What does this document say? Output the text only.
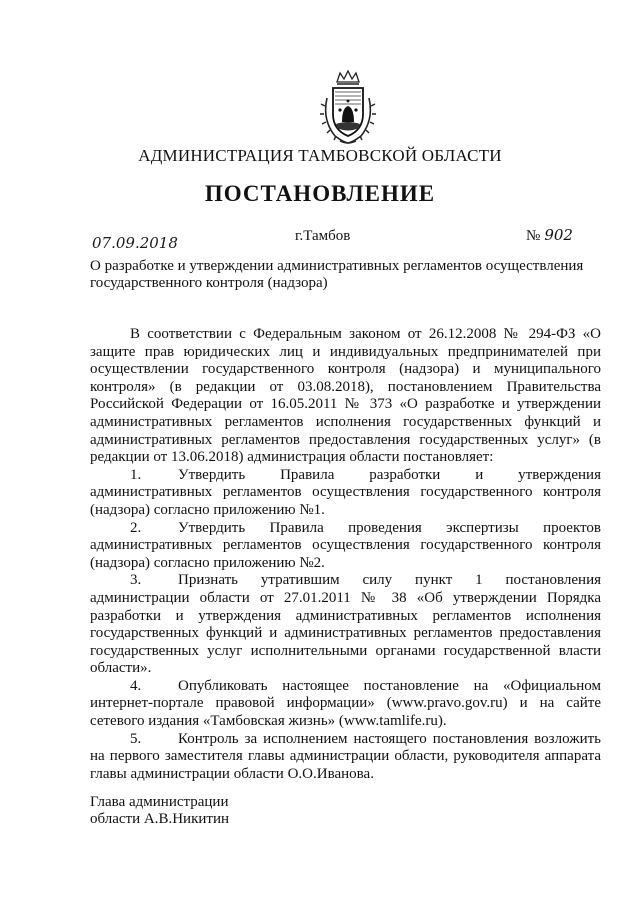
АДМИНИСТРАЦИЯ ТАМБОВСКОЙ ОБЛАСТИ
ПОСТАНОВЛЕНИЕ
07.09.2018	г.Тамбов	№ 902
О разработке и утверждении административных регламентов осуществления государственного контроля (надзора)

В соответствии с Федеральным законом от 26.12.2008 № 294-ФЗ «О защите прав юридических лиц и индивидуальных предпринимателей при осуществлении государственного контроля (надзора) и муниципального контроля» (в редакции от 03.08.2018), постановлением Правительства Российской Федерации от 16.05.2011 № 373 «О разработке и утверждении административных регламентов исполнения государственных функций и административных регламентов предоставления государственных услуг» (в редакции от 13.06.2018) администрация области постановляет:

1. Утвердить Правила разработки и утверждения административных регламентов осуществления государственного контроля (надзора) согласно приложению №1.

2. Утвердить Правила проведения экспертизы проектов административных регламентов осуществления государственного контроля (надзора) согласно приложению №2.

3. Признать утратившим силу пункт 1 постановления администрации области от 27.01.2011 № 38 «Об утверждении Порядка разработки и утверждения административных регламентов исполнения государственных функций и административных регламентов предоставления государственных услуг исполнительными органами государственной власти области».

4. Опубликовать настоящее постановление на «Официальном интернет-портале правовой информации» (www.pravo.gov.ru) и на сайте сетевого издания «Тамбовская жизнь» (www.tamlife.ru).

5. Контроль за исполнением настоящего постановления возложить на первого заместителя главы администрации области, руководителя аппарата главы администрации области О.О.Иванова.

Глава администрации
области А.В.Никитин
